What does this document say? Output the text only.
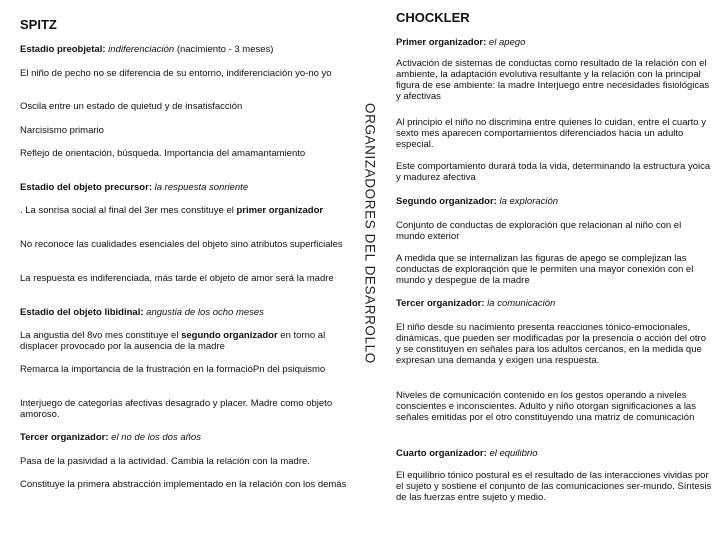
SPITZ	CHOCKLER

Estadio preobjetal: indiferenciación (nacimiento - 3 meses)

El niño de pecho no se diferencia de su entorno, indiferenciación yo-no yo

Oscila entre un estado de quietud y de insatisfacción

Narcisismo primario

Reflejo de orientación, búsqueda. Importancia del amamantamiento

Estadio del objeto precursor: la respuesta sonriente

. La sonrisa social al final del 3er mes constituye el primer organizador

No reconoce las cualidades esenciales del objeto sino atributos superficiales

La respuesta es indiferenciada, más tarde el objeto de amor será la madre

Estadio del objeto libidinal: angustia de los ocho meses

La angustia del 8vo mes constituye el segundo organizador en torno al displacer provocado por la ausencia de la madre

Remarca la importancia de la frustración en la formacióPn del psiquismo

Interjuego de categorías afectivas desagrado y placer. Madre como objeto amoroso.

Tercer organizador: el no de los dos años

Pasa de la pasividad a la actividad. Cambia la relación con la madre.

Constituye la primera abstracción implementado en la relación con los demás

ORGANIZADORES DEL DESARROLLO

Primer organizador: el apego

Activación de sistemas de conductas como resultado de la relación con el ambiente, la adaptación evolutiva resultante y la relación con la principal figura de ese ambiente: la madre Interjuego entre necesidades fisiológicas y afectivas

Al principio el niño no discrimina entre quienes lo cuidan, entre el cuarto y sexto mes aparecen comportamientos diferenciados hacia un adulto especial.

Este comportamiento durará toda la vida, determinando la estructura yoica y madurez afectiva

Segundo organizador: la exploración

Conjunto de conductas de exploración que relacionan al niño con el mundo exterior

A medida que se internalizan las figuras de apego se complejizan las conductas de exploraqción que le permiten una mayor conexión con el mundo y despegue de la madre

Tercer organizador: la comunicación

El niño desde su nacimiento presenta reacciones tónico-emocionales, dinámicas, que pueden ser modificadas por la presencia o acción del otro y se constituyen en señales para los adultos cercanos, en la medida que expresan una demanda y exigen una respuesta.

Niveles de comunicación contenido en los gestos operando a niveles conscientes e inconscientes. Adulto y niño otorgan significaciones a las señales emitidas por el otro constituyendo una matriz de comunicación

Cuarto organizador: el equilibrio

El equilibrio tónico postural es el resultado de las interacciones vividas por el sujeto y sostiene el conjunto de las comunicaciones ser-mundo. Síntesis de las fuerzas entre sujeto y medio.
